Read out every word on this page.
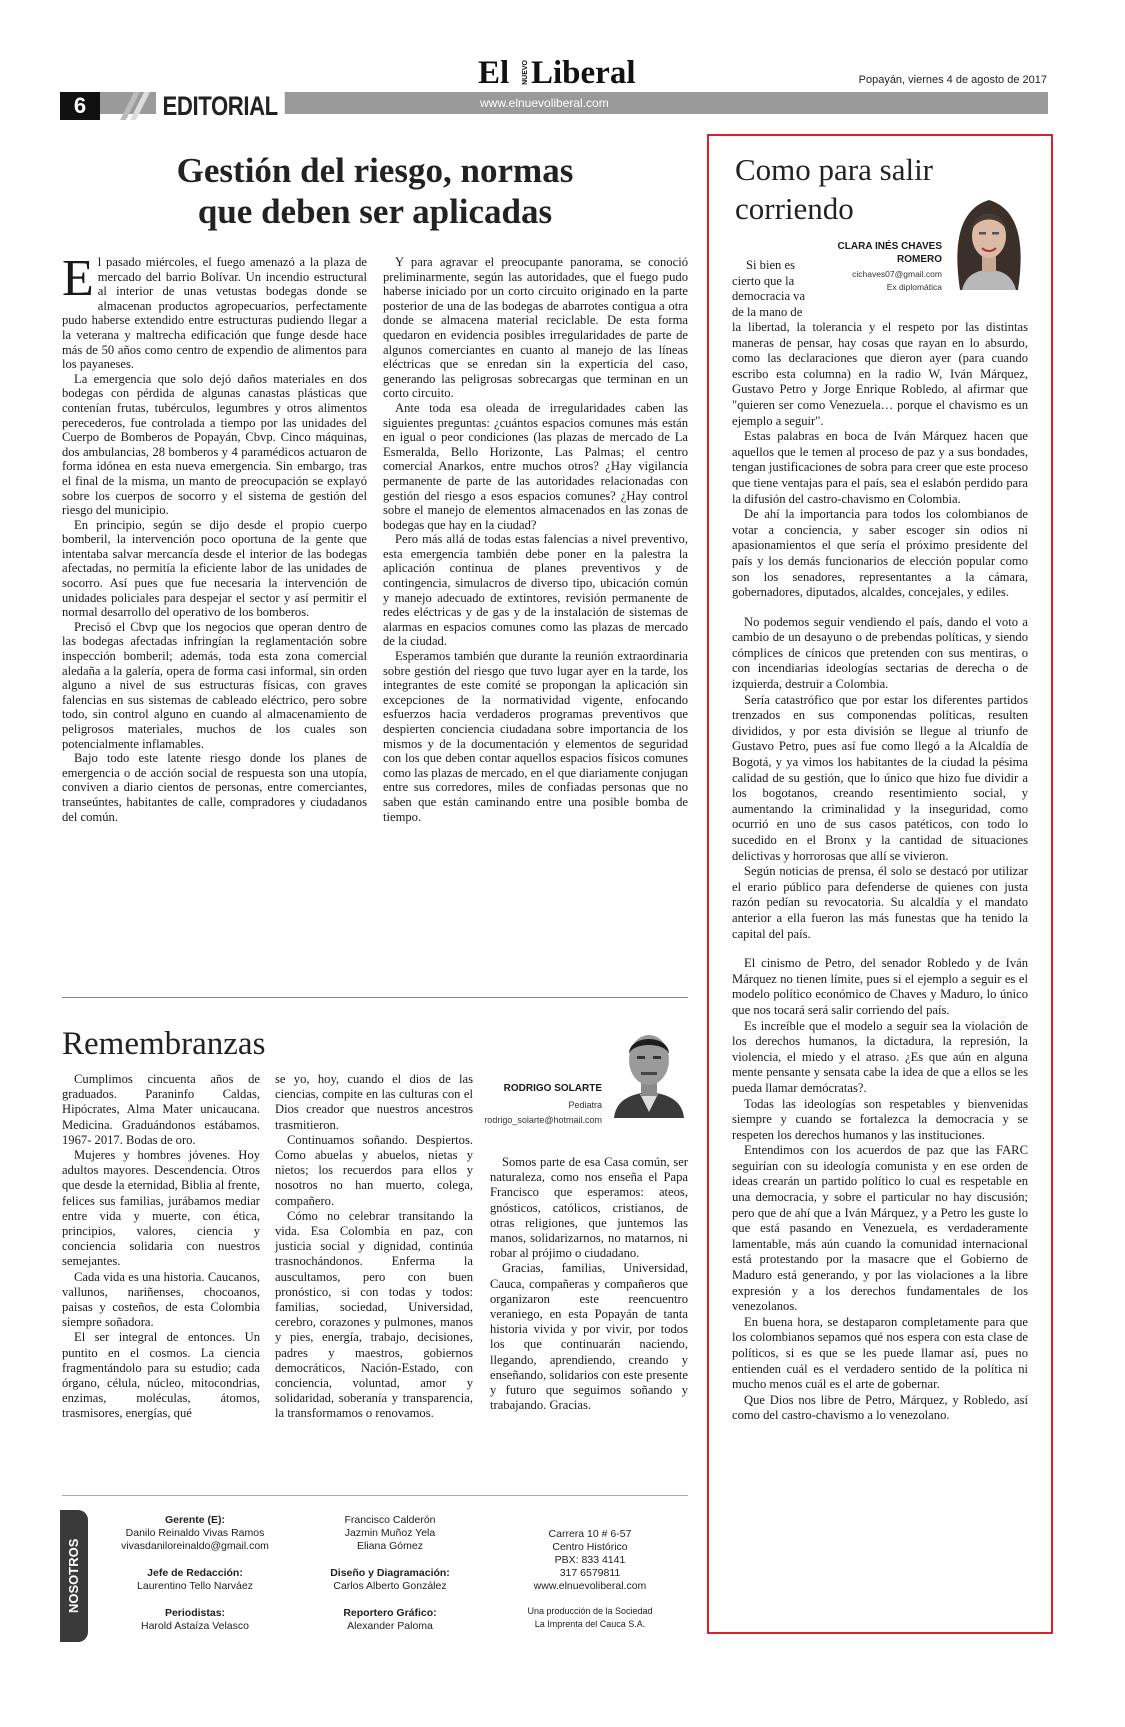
El NUEVO Liberal	Popayán, viernes 4 de agosto de 2017
6	EDITORIAL	www.elnuevoliberal.com
Gestión del riesgo, normas
que deben ser aplicadas

El pasado miércoles, el fuego amenazó a la plaza de mercado del barrio Bolívar. Un incendio estructural al interior de unas vetustas bodegas donde se almacenan productos agropecuarios, perfectamente pudo haberse extendido entre estructuras pudiendo llegar a la veterana y maltrecha edificación que funge desde hace más de 50 años como centro de expendio de alimentos para los payaneses.

La emergencia que solo dejó daños materiales en dos bodegas con pérdida de algunas canastas plásticas que contenían frutas, tubérculos, legumbres y otros alimentos perecederos, fue controlada a tiempo por las unidades del Cuerpo de Bomberos de Popayán, Cbvp. Cinco máquinas, dos ambulancias, 28 bomberos y 4 paramédicos actuaron de forma idónea en esta nueva emergencia. Sin embargo, tras el final de la misma, un manto de preocupación se explayó sobre los cuerpos de socorro y el sistema de gestión del riesgo del municipio.

En principio, según se dijo desde el propio cuerpo bomberil, la intervención poco oportuna de la gente que intentaba salvar mercancía desde el interior de las bodegas afectadas, no permitía la eficiente labor de las unidades de socorro. Así pues que fue necesaria la intervención de unidades policiales para despejar el sector y así permitir el normal desarrollo del operativo de los bomberos.

Precisó el Cbvp que los negocios que operan dentro de las bodegas afectadas infringían la reglamentación sobre inspección bomberil; además, toda esta zona comercial aledaña a la galería, opera de forma casi informal, sin orden alguno a nivel de sus estructuras físicas, con graves falencias en sus sistemas de cableado eléctrico, pero sobre todo, sin control alguno en cuando al almacenamiento de peligrosos materiales, muchos de los cuales son potencialmente inflamables.

Bajo todo este latente riesgo donde los planes de emergencia o de acción social de respuesta son una utopía, conviven a diario cientos de personas, entre comerciantes, transeúntes, habitantes de calle, compradores y ciudadanos del común.

Y para agravar el preocupante panorama, se conoció preliminarmente, según las autoridades, que el fuego pudo haberse iniciado por un corto circuito originado en la parte posterior de una de las bodegas de abarrotes contigua a otra donde se almacena material reciclable. De esta forma quedaron en evidencia posibles irregularidades de parte de algunos comerciantes en cuanto al manejo de las líneas eléctricas que se enredan sin la experticia del caso, generando las peligrosas sobrecargas que terminan en un corto circuito.

Ante toda esa oleada de irregularidades caben las siguientes preguntas: ¿cuántos espacios comunes más están en igual o peor condiciones (las plazas de mercado de La Esmeralda, Bello Horizonte, Las Palmas; el centro comercial Anarkos, entre muchos otros? ¿Hay vigilancia permanente de parte de las autoridades relacionadas con gestión del riesgo a esos espacios comunes? ¿Hay control sobre el manejo de elementos almacenados en las zonas de bodegas que hay en la ciudad?

Pero más allá de todas estas falencias a nivel preventivo, esta emergencia también debe poner en la palestra la aplicación continua de planes preventivos y de contingencia, simulacros de diverso tipo, ubicación común y manejo adecuado de extintores, revisión permanente de redes eléctricas y de gas y de la instalación de sistemas de alarmas en espacios comunes como las plazas de mercado de la ciudad.

Esperamos también que durante la reunión extraordinaria sobre gestión del riesgo que tuvo lugar ayer en la tarde, los integrantes de este comité se propongan la aplicación sin excepciones de la normatividad vigente, enfocando esfuerzos hacia verdaderos programas preventivos que despierten conciencia ciudadana sobre importancia de los mismos y de la documentación y elementos de seguridad con los que deben contar aquellos espacios físicos comunes como las plazas de mercado, en el que diariamente conjugan entre sus corredores, miles de confiadas personas que no saben que están caminando entre una posible bomba de tiempo.

Remembranzas
RODRIGO SOLARTE
Pediatra
rodrigo_solarte@hotmail.com

Cumplimos cincuenta años de graduados. Paraninfo Caldas, Hipócrates, Alma Mater unicaucana. Medicina. Graduándonos estábamos. 1967- 2017. Bodas de oro.

Mujeres y hombres jóvenes. Hoy adultos mayores. Descendencia. Otros que desde la eternidad, Biblia al frente, felices sus familias, jurábamos mediar entre vida y muerte, con ética, principios, valores, ciencia y conciencia solidaria con nuestros semejantes.

Cada vida es una historia. Caucanos, vallunos, nariñenses, chocoanos, paisas y costeños, de esta Colombia siempre soñadora.

El ser integral de entonces. Un puntito en el cosmos. La ciencia fragmentándolo para su estudio; cada órgano, célula, núcleo, mitocondrias, enzimas, moléculas, átomos, trasmisores, energías, qué

se yo, hoy, cuando el dios de las ciencias, compite en las culturas con el Dios creador que nuestros ancestros trasmitieron.

Continuamos soñando. Despiertos. Como abuelas y abuelos, nietas y nietos; los recuerdos para ellos y nosotros no han muerto, colega, compañero.

Cómo no celebrar transitando la vida. Esa Colombia en paz, con justicia social y dignidad, continúa trasnochándonos. Enferma la auscultamos, pero con buen pronóstico, si con todas y todos: familias, sociedad, Universidad, cerebro, corazones y pulmones, manos y pies, energía, trabajo, decisiones, padres y maestros, gobiernos democráticos, Nación-Estado, con conciencia, voluntad, amor y solidaridad, soberanía y transparencia, la transformamos o renovamos.

Somos parte de esa Casa común, ser naturaleza, como nos enseña el Papa Francisco que esperamos: ateos, gnósticos, católicos, cristianos, de otras religiones, que juntemos las manos, solidarizarnos, no matarnos, ni robar al prójimo o ciudadano.

Gracias, familias, Universidad, Cauca, compañeras y compañeros que organizaron este reencuentro veraniego, en esta Popayán de tanta historia vivida y por vivir, por todos los que continuarán naciendo, llegando, aprendiendo, creando y enseñando, solidarios con este presente y futuro que seguimos soñando y trabajando. Gracias.

NOSOTROS
Gerente (E):
Danilo Reinaldo Vivas Ramos
vivasdaniloreinaldo@gmail.com
Jefe de Redacción:
Laurentino Tello Narváez
Periodistas:
Harold Astaíza Velasco
Francisco Calderón
Jazmin Muñoz Yela
Eliana Gómez
Diseño y Diagramación:
Carlos Alberto González
Reportero Gráfico:
Alexander Paloma
Carrera 10 # 6-57
Centro Histórico
PBX: 833 4141
317 6579811
www.elnuevoliberal.com
Una producción de la Sociedad
La Imprenta del Cauca S.A.
Como para salir
corriendo
CLARA INÉS CHAVES
ROMERO
cichaves07@gmail.com
Ex diplomática
Si bien es
cierto que la
democracia va
de la mano de

la libertad, la tolerancia y el respeto por las distintas maneras de pensar, hay cosas que rayan en lo absurdo, como las declaraciones que dieron ayer (para cuando escribo esta columna) en la radio W, Iván Márquez, Gustavo Petro y Jorge Enrique Robledo, al afirmar que "quieren ser como Venezuela… porque el chavismo es un ejemplo a seguir".

Estas palabras en boca de Iván Márquez hacen que aquellos que le temen al proceso de paz y a sus bondades, tengan justificaciones de sobra para creer que este proceso que tiene ventajas para el país, sea el eslabón perdido para la difusión del castro-chavismo en Colombia.

De ahí la importancia para todos los colombianos de votar a conciencia, y saber escoger sin odios ni apasionamientos el que sería el próximo presidente del país y los demás funcionarios de elección popular como son los senadores, representantes a la cámara, gobernadores, diputados, alcaldes, concejales, y ediles.

No podemos seguir vendiendo el país, dando el voto a cambio de un desayuno o de prebendas políticas, y siendo cómplices de cínicos que pretenden con sus mentiras, o con incendiarias ideologías sectarias de derecha o de izquierda, destruir a Colombia.

Sería catastrófico que por estar los diferentes partidos trenzados en sus componendas políticas, resulten divididos, y por esta división se llegue al triunfo de Gustavo Petro, pues así fue como llegó a la Alcaldía de Bogotá, y ya vimos los habitantes de la ciudad la pésima calidad de su gestión, que lo único que hizo fue dividir a los bogotanos, creando resentimiento social, y aumentando la criminalidad y la inseguridad, como ocurrió en uno de sus casos patéticos, con todo lo sucedido en el Bronx y la cantidad de situaciones delictivas y horrorosas que allí se vivieron.

Según noticias de prensa, él solo se destacó por utilizar el erario público para defenderse de quienes con justa razón pedían su revocatoria. Su alcaldía y el mandato anterior a ella fueron las más funestas que ha tenido la capital del país.

El cinismo de Petro, del senador Robledo y de Iván Márquez no tienen límite, pues si el ejemplo a seguir es el modelo político económico de Chaves y Maduro, lo único que nos tocará será salir corriendo del país.

Es increíble que el modelo a seguir sea la violación de los derechos humanos, la dictadura, la represión, la violencia, el miedo y el atraso. ¿Es que aún en alguna mente pensante y sensata cabe la idea de que a ellos se les pueda llamar demócratas?.

Todas las ideologías son respetables y bienvenidas siempre y cuando se fortalezca la democracia y se respeten los derechos humanos y las instituciones.

Entendimos con los acuerdos de paz que las FARC seguirían con su ideología comunista y en ese orden de ideas crearán un partido político lo cual es respetable en una democracia, y sobre el particular no hay discusión; pero que de ahí que a Iván Márquez, y a Petro les guste lo que está pasando en Venezuela, es verdaderamente lamentable, más aún cuando la comunidad internacional está protestando por la masacre que el Gobierno de Maduro está generando, y por las violaciones a la libre expresión y a los derechos fundamentales de los venezolanos.

En buena hora, se destaparon completamente para que los colombianos sepamos qué nos espera con esta clase de políticos, si es que se les puede llamar así, pues no entienden cuál es el verdadero sentido de la política ni mucho menos cuál es el arte de gobernar.

Que Dios nos libre de Petro, Márquez, y Robledo, así como del castro-chavismo a lo venezolano.
